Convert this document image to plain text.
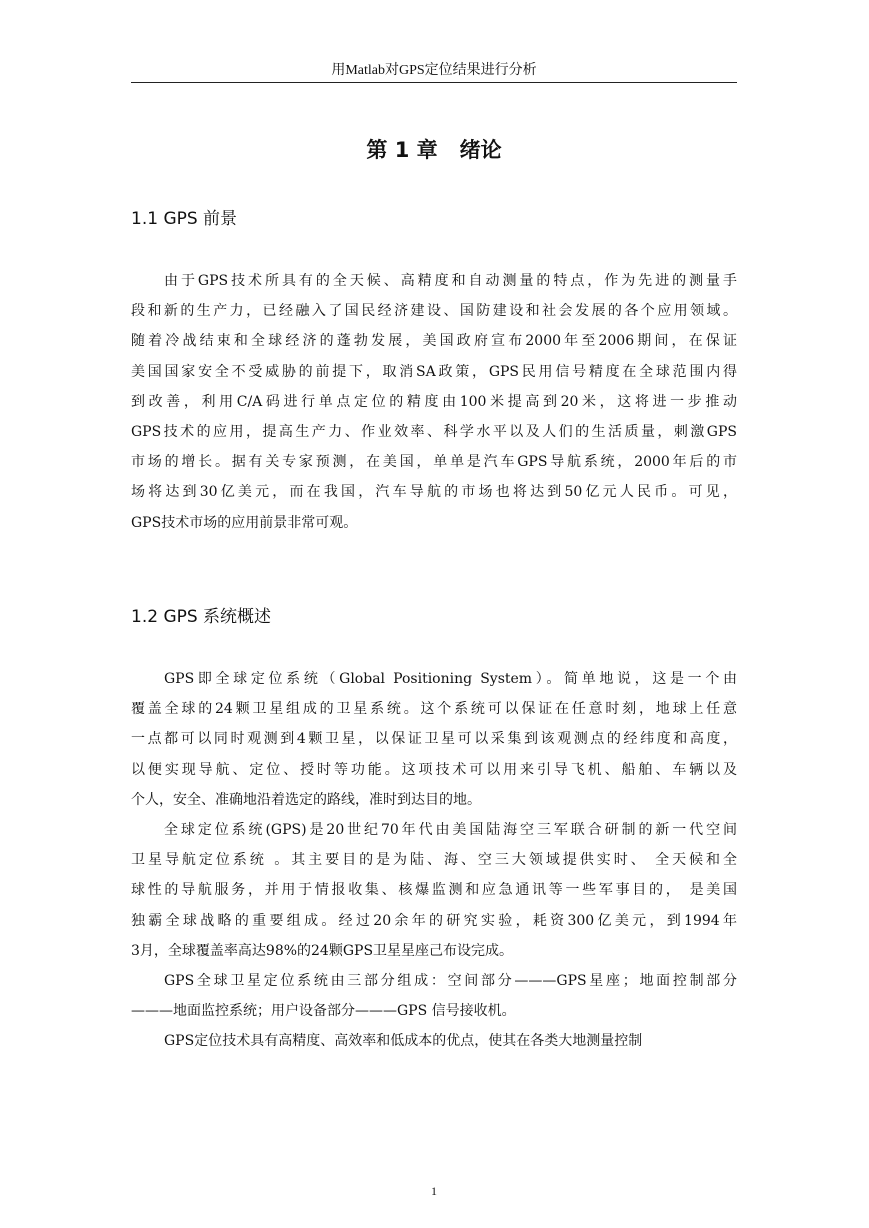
用Matlab对GPS定位结果进行分析
第 1 章   绪论
1.1 GPS 前景
由于GPS技术所具有的全天候、高精度和自动测量的特点，作为先进的测量手
段和新的生产力，已经融入了国民经济建设、国防建设和社会发展的各个应用领域。
随着冷战结束和全球经济的蓬勃发展，美国政府宣布2000年至2006期间，在保证
美国国家安全不受威胁的前提下，取消SA政策，GPS民用信号精度在全球范围内得
到改善，利用C/A码进行单点定位的精度由100米提高到20米，这将进一步推动
GPS技术的应用，提高生产力、作业效率、科学水平以及人们的生活质量，刺激GPS
市场的增长。据有关专家预测，在美国，单单是汽车GPS导航系统，2000年后的市
场将达到30亿美元，而在我国，汽车导航的市场也将达到50亿元人民币。可见，
GPS技术市场的应用前景非常可观。
1.2 GPS 系统概述
GPS即全球定位系统（Global Positioning System）。简单地说，这是一个由
覆盖全球的24颗卫星组成的卫星系统。这个系统可以保证在任意时刻，地球上任意
一点都可以同时观测到4颗卫星，以保证卫星可以采集到该观测点的经纬度和高度，
以便实现导航、定位、授时等功能。这项技术可以用来引导飞机、船舶、车辆以及
个人，安全、准确地沿着选定的路线，准时到达目的地。
全球定位系统(GPS)是20世纪70年代由美国陆海空三军联合研制的新一代空间
卫星导航定位系统 。其主要目的是为陆、海、空三大领域提供实时、 全天候和全
球性的导航服务，并用于情报收集、核爆监测和应急通讯等一些军事目的， 是美国
独霸全球战略的重要组成。经过20余年的研究实验，耗资300亿美元，到1994年
3月，全球覆盖率高达98%的24颗GPS卫星星座己布设完成。
GPS全球卫星定位系统由三部分组成：空间部分———GPS星座；地面控制部分
———地面监控系统；用户设备部分———GPS 信号接收机。
GPS定位技术具有高精度、高效率和低成本的优点，使其在各类大地测量控制
1
